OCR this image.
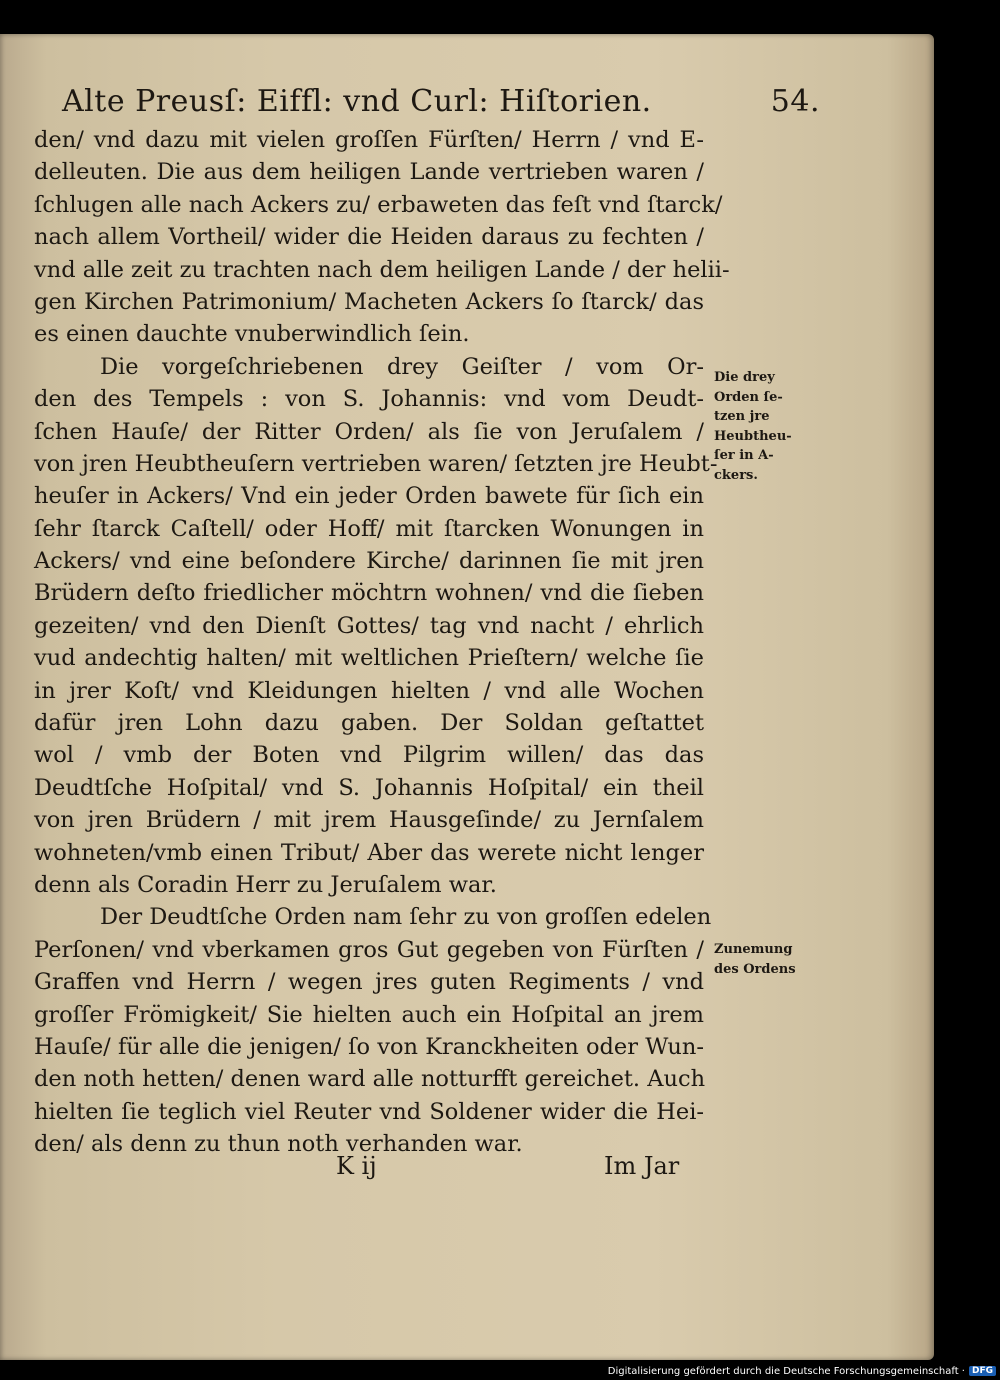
Alte Preusſ: Eiffl: vnd Curl: Hiſtorien.	54.
den/ vnd dazu mit vielen groſſen Fürſten/ Herrn / vnd E-
delleuten. Die aus dem heiligen Lande vertrieben waren /
ſchlugen alle nach Ackers zu/ erbaweten das feſt vnd ſtarck/
nach allem Vortheil/ wider die Heiden daraus zu fechten /
vnd alle zeit zu trachten nach dem heiligen Lande / der helii-
gen Kirchen Patrimonium/ Macheten Ackers ſo ſtarck/ das
es einen dauchte vnuberwindlich ſein.
Die vorgeſchriebenen drey Geiſter / vom Or-
den des Tempels : von S. Johannis: vnd vom Deudt-
ſchen Hauſe/ der Ritter Orden/ als ſie von Jeruſalem /
von jren Heubtheuſern vertrieben waren/ ſetzten jre Heubt-
heuſer in Ackers/ Vnd ein jeder Orden bawete für ſich ein
ſehr ſtarck Caſtell/ oder Hoff/ mit ſtarcken Wonungen in
Ackers/ vnd eine beſondere Kirche/ darinnen ſie mit jren
Brüdern deſto friedlicher möchtrn wohnen/ vnd die ſieben
gezeiten/ vnd den Dienſt Gottes/ tag vnd nacht / ehrlich
vud andechtig halten/ mit weltlichen Prieſtern/ welche ſie
in jrer Koſt/ vnd Kleidungen hielten / vnd alle Wochen
dafür jren Lohn dazu gaben. Der Soldan geſtattet
wol / vmb der Boten vnd Pilgrim willen/ das das
Deudtſche Hoſpital/ vnd S. Johannis Hoſpital/ ein theil
von jren Brüdern / mit jrem Hausgeſinde/ zu Jernſalem
wohneten/vmb einen Tribut/ Aber das werete nicht lenger
denn als Coradin Herr zu Jeruſalem war.
Der Deudtſche Orden nam ſehr zu von groſſen edelen
Perſonen/ vnd vberkamen gros Gut gegeben von Fürſten /
Graffen vnd Herrn / wegen jres guten Regiments / vnd
groſſer Frömigkeit/ Sie hielten auch ein Hoſpital an jrem
Hauſe/ für alle die jenigen/ ſo von Kranckheiten oder Wun-
den noth hetten/ denen ward alle notturfft gereichet. Auch
hielten ſie teglich viel Reuter vnd Soldener wider die Hei-
den/ als denn zu thun noth verhanden war.
Die drey
Orden ſe-
tzen jre
Heubtheu-
ſer in A-
ckers.
Zunemung
des Ordens
K ij	Im Jar
Digitalisierung gefördert durch die Deutsche Forschungsgemeinschaft · DFG
